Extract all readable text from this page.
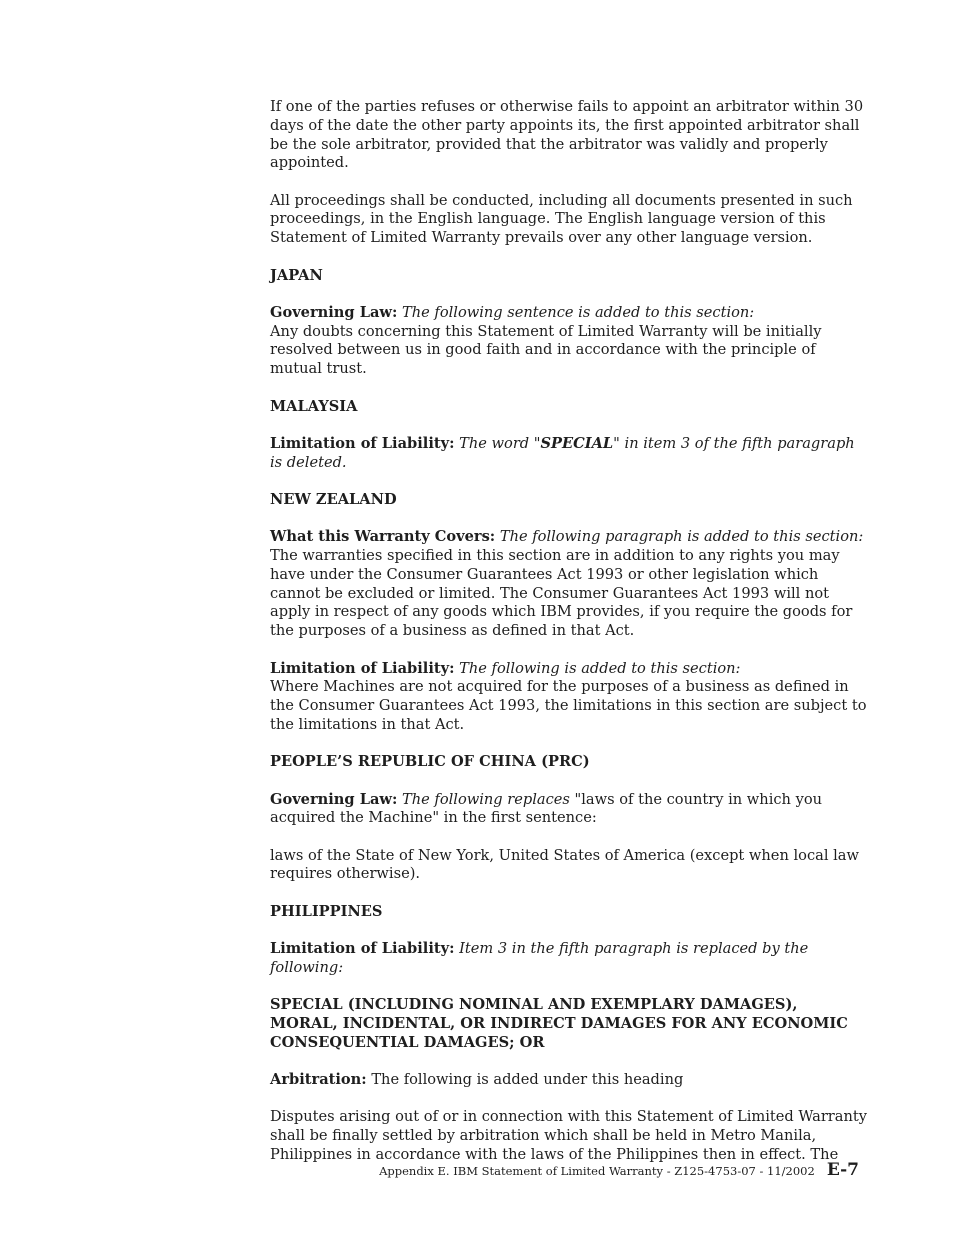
If one of the parties refuses or otherwise fails to appoint an arbitrator within 30 days of the date the other party appoints its, the first appointed arbitrator shall be the sole arbitrator, provided that the arbitrator was validly and properly appointed.

All proceedings shall be conducted, including all documents presented in such proceedings, in the English language. The English language version of this Statement of Limited Warranty prevails over any other language version.

JAPAN

Governing Law: The following sentence is added to this section:
Any doubts concerning this Statement of Limited Warranty will be initially resolved between us in good faith and in accordance with the principle of mutual trust.

MALAYSIA

Limitation of Liability: The word "SPECIAL" in item 3 of the fifth paragraph is deleted.

NEW ZEALAND

What this Warranty Covers: The following paragraph is added to this section:
The warranties specified in this section are in addition to any rights you may have under the Consumer Guarantees Act 1993 or other legislation which cannot be excluded or limited. The Consumer Guarantees Act 1993 will not apply in respect of any goods which IBM provides, if you require the goods for the purposes of a business as defined in that Act.

Limitation of Liability: The following is added to this section:
Where Machines are not acquired for the purposes of a business as defined in the Consumer Guarantees Act 1993, the limitations in this section are subject to the limitations in that Act.

PEOPLE’S REPUBLIC OF CHINA (PRC)

Governing Law: The following replaces "laws of the country in which you acquired the Machine" in the first sentence:

laws of the State of New York, United States of America (except when local law requires otherwise).

PHILIPPINES

Limitation of Liability: Item 3 in the fifth paragraph is replaced by the following:

SPECIAL (INCLUDING NOMINAL AND EXEMPLARY DAMAGES), MORAL, INCIDENTAL, OR INDIRECT DAMAGES FOR ANY ECONOMIC CONSEQUENTIAL DAMAGES; OR

Arbitration: The following is added under this heading

Disputes arising out of or in connection with this Statement of Limited Warranty shall be finally settled by arbitration which shall be held in Metro Manila, Philippines in accordance with the laws of the Philippines then in effect. The

Appendix E. IBM Statement of Limited Warranty - Z125-4753-07 - 11/2002 E-7
